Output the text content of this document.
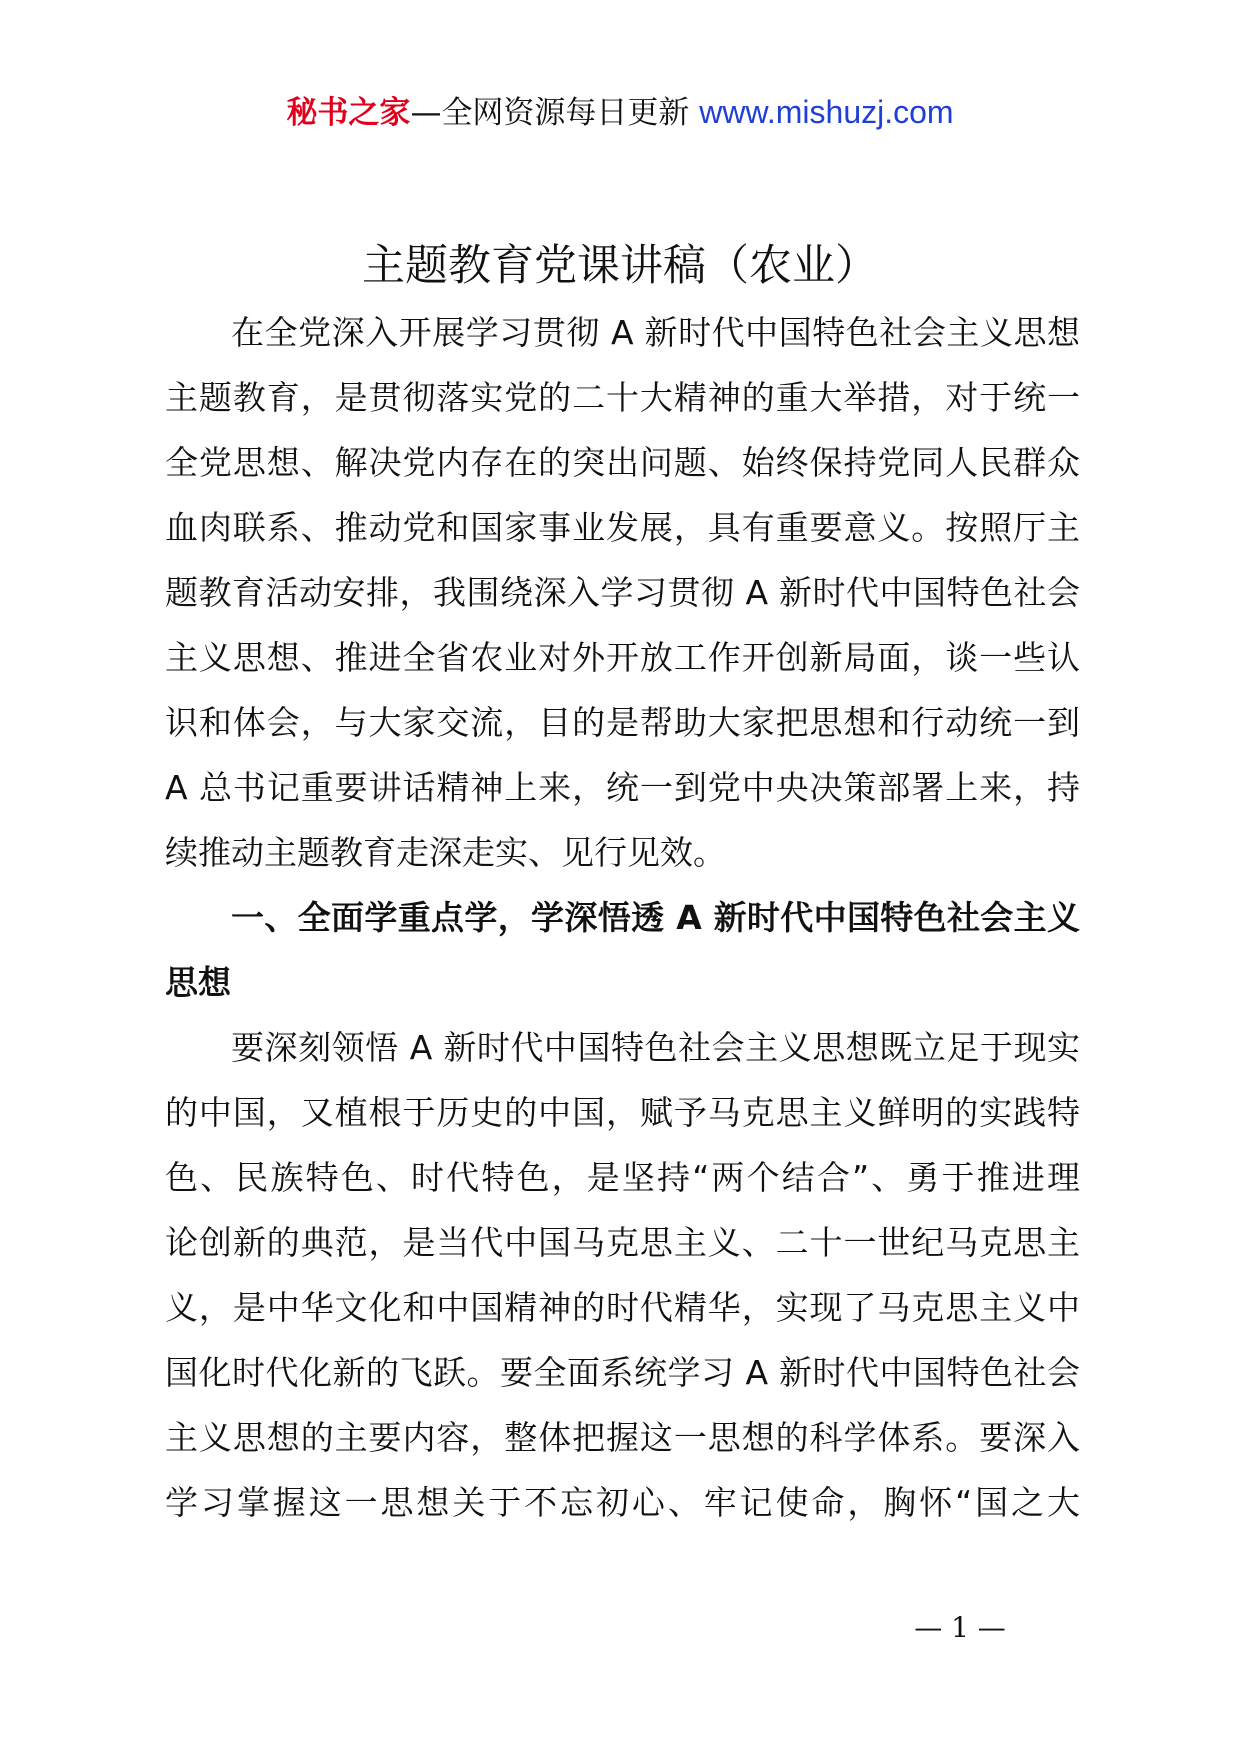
秘书之家—全网资源每日更新 www.mishuzj.com
主题教育党课讲稿（农业）
在全党深入开展学习贯彻 A 新时代中国特色社会主义思想
主题教育，是贯彻落实党的二十大精神的重大举措，对于统一
全党思想、解决党内存在的突出问题、始终保持党同人民群众
血肉联系、推动党和国家事业发展，具有重要意义。按照厅主
题教育活动安排，我围绕深入学习贯彻 A 新时代中国特色社会
主义思想、推进全省农业对外开放工作开创新局面，谈一些认
识和体会，与大家交流，目的是帮助大家把思想和行动统一到
A 总书记重要讲话精神上来，统一到党中央决策部署上来，持
续推动主题教育走深走实、见行见效。
一、全面学重点学，学深悟透 A 新时代中国特色社会主义
思想
要深刻领悟 A 新时代中国特色社会主义思想既立足于现实
的中国，又植根于历史的中国，赋予马克思主义鲜明的实践特
色、民族特色、时代特色，是坚持“两个结合”、勇于推进理
论创新的典范，是当代中国马克思主义、二十一世纪马克思主
义，是中华文化和中国精神的时代精华，实现了马克思主义中
国化时代化新的飞跃。要全面系统学习 A 新时代中国特色社会
主义思想的主要内容，整体把握这一思想的科学体系。要深入
学习掌握这一思想关于不忘初心、牢记使命，胸怀“国之大
— 1 —
